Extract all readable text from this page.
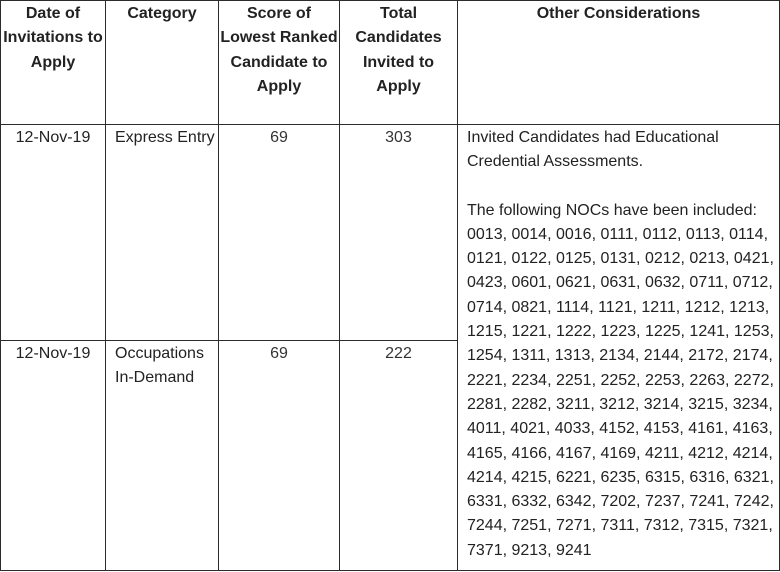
Date of Invitations to Apply	Category	Score of Lowest Ranked Candidate to Apply	Total Candidates Invited to Apply	Other Considerations
12-Nov-19	Express Entry	69	303	Invited Candidates had Educational Credential Assessments.
The following NOCs have been included:
0013, 0014, 0016, 0111, 0112, 0113, 0114, 0121, 0122, 0125, 0131, 0212, 0213, 0421, 0423, 0601, 0621, 0631, 0632, 0711, 0712, 0714, 0821, 1114, 1121, 1211, 1212, 1213, 1215, 1221, 1222, 1223, 1225, 1241, 1253, 1254, 1311, 1313, 2134, 2144, 2172, 2174, 2221, 2234, 2251, 2252, 2253, 2263, 2272, 2281, 2282, 3211, 3212, 3214, 3215, 3234, 4011, 4021, 4033, 4152, 4153, 4161, 4163, 4165, 4166, 4167, 4169, 4211, 4212, 4214, 4214, 4215, 6221, 6235, 6315, 6316, 6321, 6331, 6332, 6342, 7202, 7237, 7241, 7242, 7244, 7251, 7271, 7311, 7312, 7315, 7321, 7371, 9213, 9241

12-Nov-19	Occupations In-Demand	69	222	
